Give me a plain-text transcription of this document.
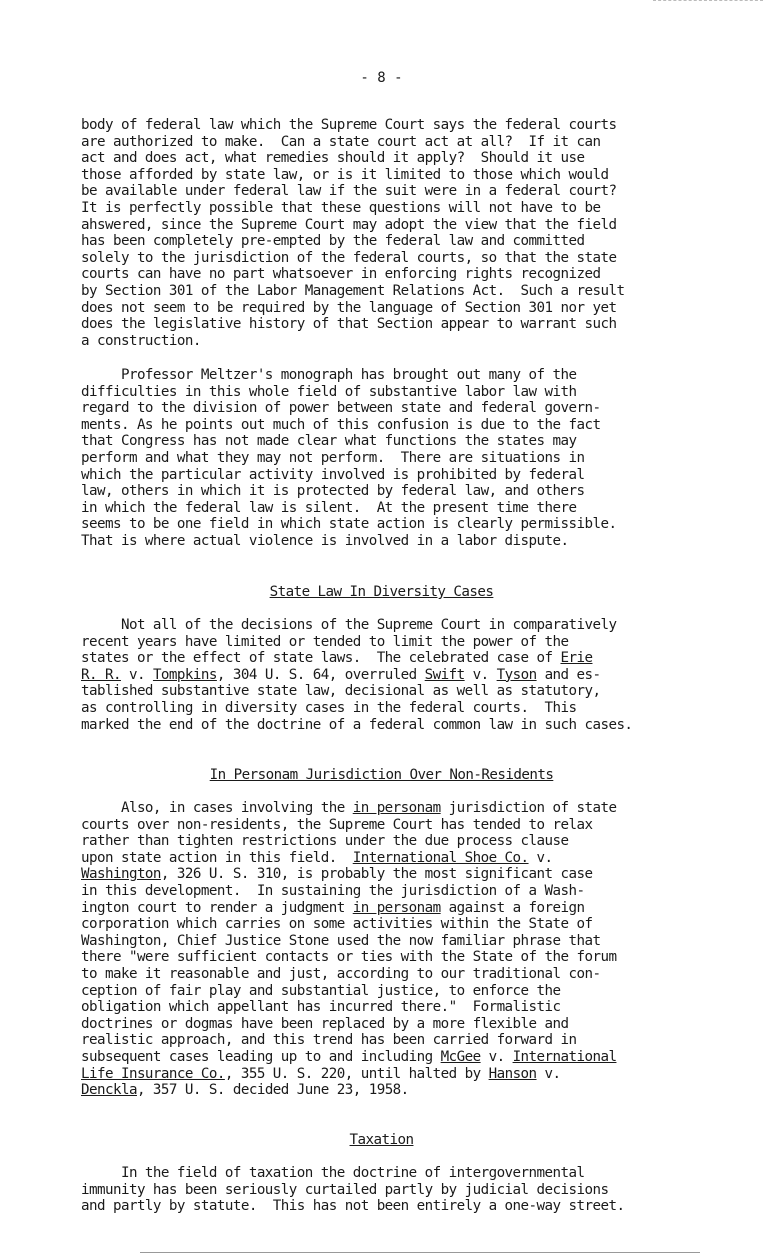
- 8 -
body of federal law which the Supreme Court says the federal courts
are authorized to make.  Can a state court act at all?  If it can
act and does act, what remedies should it apply?  Should it use
those afforded by state law, or is it limited to those which would
be available under federal law if the suit were in a federal court?
It is perfectly possible that these questions will not have to be
ahswered, since the Supreme Court may adopt the view that the field
has been completely pre-empted by the federal law and committed
solely to the jurisdiction of the federal courts, so that the state
courts can have no part whatsoever in enforcing rights recognized
by Section 301 of the Labor Management Relations Act.  Such a result
does not seem to be required by the language of Section 301 nor yet
does the legislative history of that Section appear to warrant such
a construction.
Professor Meltzer's monograph has brought out many of the
difficulties in this whole field of substantive labor law with
regard to the division of power between state and federal govern-
ments. As he points out much of this confusion is due to the fact
that Congress has not made clear what functions the states may
perform and what they may not perform.  There are situations in
which the particular activity involved is prohibited by federal
law, others in which it is protected by federal law, and others
in which the federal law is silent.  At the present time there
seems to be one field in which state action is clearly permissible.
That is where actual violence is involved in a labor dispute.
State Law In Diversity Cases
Not all of the decisions of the Supreme Court in comparatively
recent years have limited or tended to limit the power of the
states or the effect of state laws.  The celebrated case of Erie
R. R. v. Tompkins, 304 U. S. 64, overruled Swift v. Tyson and es-
tablished substantive state law, decisional as well as statutory,
as controlling in diversity cases in the federal courts.  This
marked the end of the doctrine of a federal common law in such cases.
In Personam Jurisdiction Over Non-Residents
Also, in cases involving the in personam jurisdiction of state
courts over non-residents, the Supreme Court has tended to relax
rather than tighten restrictions under the due process clause
upon state action in this field.  International Shoe Co. v.
Washington, 326 U. S. 310, is probably the most significant case
in this development.  In sustaining the jurisdiction of a Wash-
ington court to render a judgment in personam against a foreign
corporation which carries on some activities within the State of
Washington, Chief Justice Stone used the now familiar phrase that
there "were sufficient contacts or ties with the State of the forum
to make it reasonable and just, according to our traditional con-
ception of fair play and substantial justice, to enforce the
obligation which appellant has incurred there."  Formalistic
doctrines or dogmas have been replaced by a more flexible and
realistic approach, and this trend has been carried forward in
subsequent cases leading up to and including McGee v. International
Life Insurance Co., 355 U. S. 220, until halted by Hanson v.
Denckla, 357 U. S. decided June 23, 1958.
Taxation
In the field of taxation the doctrine of intergovernmental
immunity has been seriously curtailed partly by judicial decisions
and partly by statute.  This has not been entirely a one-way street.
